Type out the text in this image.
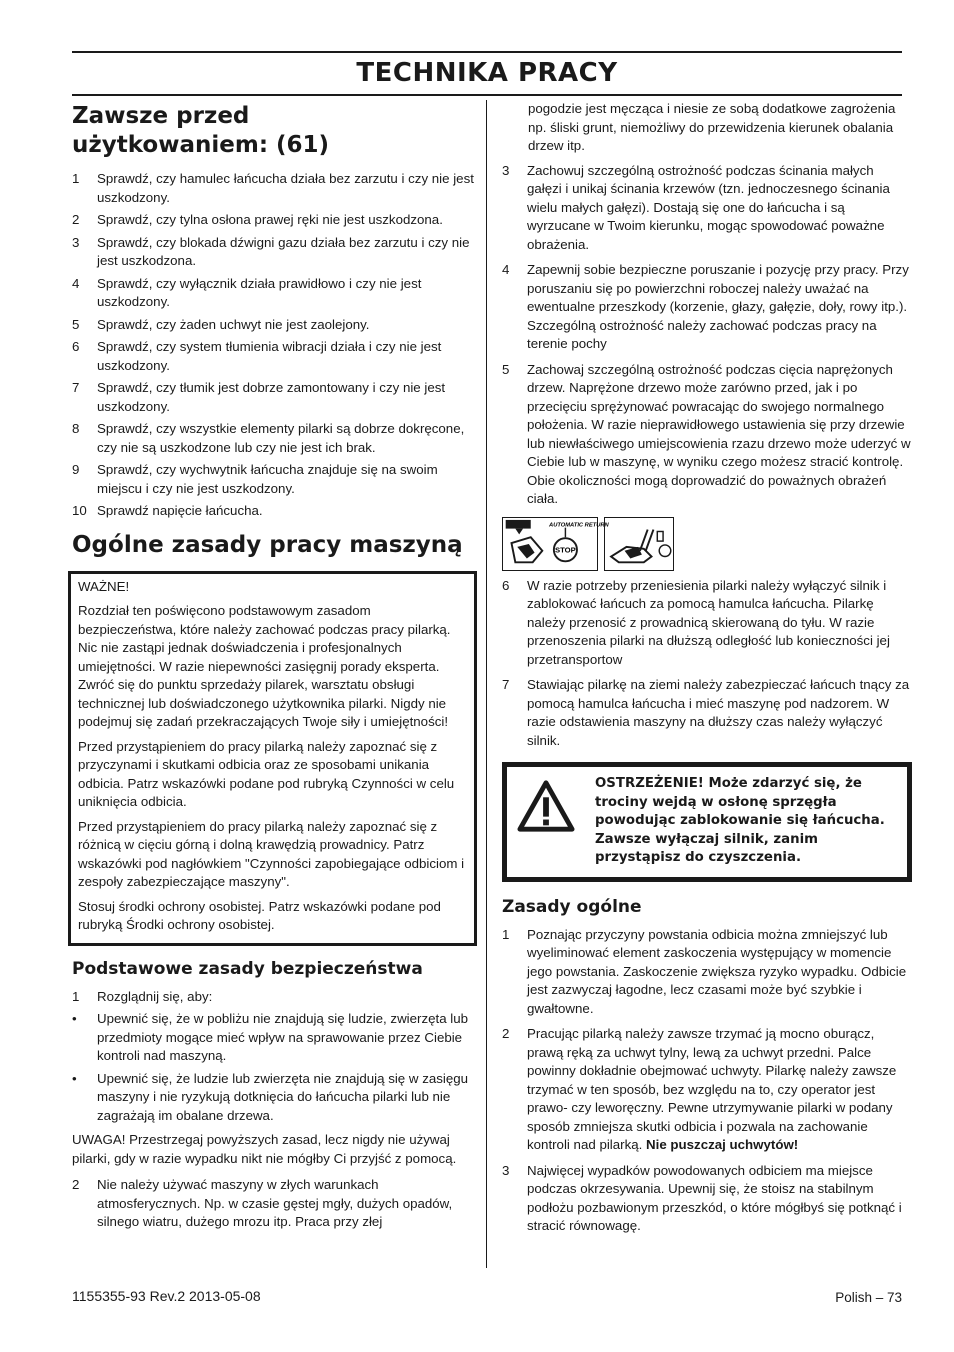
TECHNIKA PRACY
Zawsze przed użytkowaniem: (61)
1	Sprawdź, czy hamulec łańcucha działa bez zarzutu i czy nie jest uszkodzony.
2	Sprawdź, czy tylna osłona prawej ręki nie jest uszkodzona.
3	Sprawdź, czy blokada dźwigni gazu działa bez zarzutu i czy nie jest uszkodzona.
4	Sprawdź, czy wyłącznik działa prawidłowo i czy nie jest uszkodzony.
5	Sprawdź, czy żaden uchwyt nie jest zaolejony.
6	Sprawdź, czy system tłumienia wibracji działa i czy nie jest uszkodzony.
7	Sprawdź, czy tłumik jest dobrze zamontowany i czy nie jest uszkodzony.
8	Sprawdź, czy wszystkie elementy pilarki są dobrze dokręcone, czy nie są uszkodzone lub czy nie jest ich brak.
9	Sprawdź, czy wychwytnik łańcucha znajduje się na swoim miejscu i czy nie jest uszkodzony.
10 Sprawdź napięcie łańcucha.
Ogólne zasady pracy maszyną

WAŻNE!

Rozdział ten poświęcono podstawowym zasadom bezpieczeństwa, które należy zachować podczas pracy pilarką. Nic nie zastąpi jednak doświadczenia i profesjonalnych umiejętności. W razie niepewności zasięgnij porady eksperta. Zwróć się do punktu sprzedaży pilarek, warsztatu obsługi technicznej lub doświadczonego użytkownika pilarki. Nigdy nie podejmuj się zadań przekraczających Twoje siły i umiejętności!

Przed przystąpieniem do pracy pilarką należy zapoznać się z przyczynami i skutkami odbicia oraz ze sposobami unikania odbicia. Patrz wskazówki podane pod rubryką Czynności w celu uniknięcia odbicia.

Przed przystąpieniem do pracy pilarką należy zapoznać się z różnicą w cięciu górną i dolną krawędzią prowadnicy. Patrz wskazówki pod nagłówkiem "Czynności zapobiegające odbiciom i zespoły zabezpieczające maszyny".

Stosuj środki ochrony osobistej. Patrz wskazówki podane pod rubryką Środki ochrony osobistej.

Podstawowe zasady bezpieczeństwa
1	Rozglądnij się, aby:
•	Upewnić się, że w pobliżu nie znajdują się ludzie, zwierzęta lub przedmioty mogące mieć wpływ na sprawowanie przez Ciebie kontroli nad maszyną.
•	Upewnić się, że ludzie lub zwierzęta nie znajdują się w zasięgu maszyny i nie ryzykują dotknięcia do łańcucha pilarki lub nie zagrażają im obalane drzewa.

UWAGA! Przestrzegaj powyższych zasad, lecz nigdy nie używaj pilarki, gdy w razie wypadku nikt nie mógłby Ci przyjść z pomocą.

2	Nie należy używać maszyny w złych warunkach atmosferycznych. Np. w czasie gęstej mgły, dużych opadów, silnego wiatru, dużego mrozu itp. Praca przy złej

pogodzie jest męcząca i niesie ze sobą dodatkowe zagrożenia np. śliski grunt, niemożliwy do przewidzenia kierunek obalania drzew itp.

3	Zachowuj szczególną ostrożność podczas ścinania małych gałęzi i unikaj ścinania krzewów (tzn. jednoczesnego ścinania wielu małych gałęzi). Dostają się one do łańcucha i są wyrzucane w Twoim kierunku, mogąc spowodować poważne obrażenia.
4	Zapewnij sobie bezpieczne poruszanie i pozycję przy pracy. Przy poruszaniu się po powierzchni roboczej należy uważać na ewentualne przeszkody (korzenie, głazy, gałęzie, doły, rowy itp.). Szczególną ostrożność należy zachować podczas pracy na terenie pochy
5	Zachowaj szczególną ostrożność podczas cięcia naprężonych drzew. Naprężone drzewo może zarówno przed, jak i po przecięciu sprężynować powracając do swojego normalnego położenia. W razie nieprawidłowego ustawienia się przy drzewie lub niewłaściwego umiejscowienia rzazu drzewo może uderzyć w Ciebie lub w maszynę, w wyniku czego możesz stracić kontrolę. Obie okoliczności mogą doprowadzić do poważnych obrażeń ciała.
AUTOMATIC RETURN
STOP
6	W razie potrzeby przeniesienia pilarki należy wyłączyć silnik i zablokować łańcuch za pomocą hamulca łańcucha. Pilarkę należy przenosić z prowadnicą skierowaną do tyłu. W razie przenoszenia pilarki na dłuższą odległość lub konieczności jej przetransportow
7	Stawiając pilarkę na ziemi należy zabezpieczać łańcuch tnący za pomocą hamulca łańcucha i mieć maszynę pod nadzorem. W razie odstawienia maszyny na dłuższy czas należy wyłączyć silnik.
OSTRZEŻENIE! Może zdarzyć się, że trociny wejdą w osłonę sprzęgła powodując zablokowanie się łańcucha. Zawsze wyłączaj silnik, zanim przystąpisz do czyszczenia.
Zasady ogólne
1	Poznając przyczyny powstania odbicia można zmniejszyć lub wyeliminować element zaskoczenia występujący w momencie jego powstania. Zaskoczenie zwiększa ryzyko wypadku. Odbicie jest zazwyczaj łagodne, lecz czasami może być szybkie i gwałtowne.
2	Pracując pilarką należy zawsze trzymać ją mocno oburącz, prawą ręką za uchwyt tylny, lewą za uchwyt przedni. Palce powinny dokładnie obejmować uchwyty. Pilarkę należy zawsze trzymać w ten sposób, bez względu na to, czy operator jest prawo- czy leworęczny. Pewne utrzymywanie pilarki w podany sposób zmniejsza skutki odbicia i pozwala na zachowanie kontroli nad pilarką. Nie puszczaj uchwytów!
3	Najwięcej wypadków powodowanych odbiciem ma miejsce podczas okrzesywania. Upewnij się, że stoisz na stabilnym podłożu pozbawionym przeszkód, o które mógłbyś się potknąć i stracić równowagę.
1155355-93 Rev.2 2013-05-08	Polish – 73
